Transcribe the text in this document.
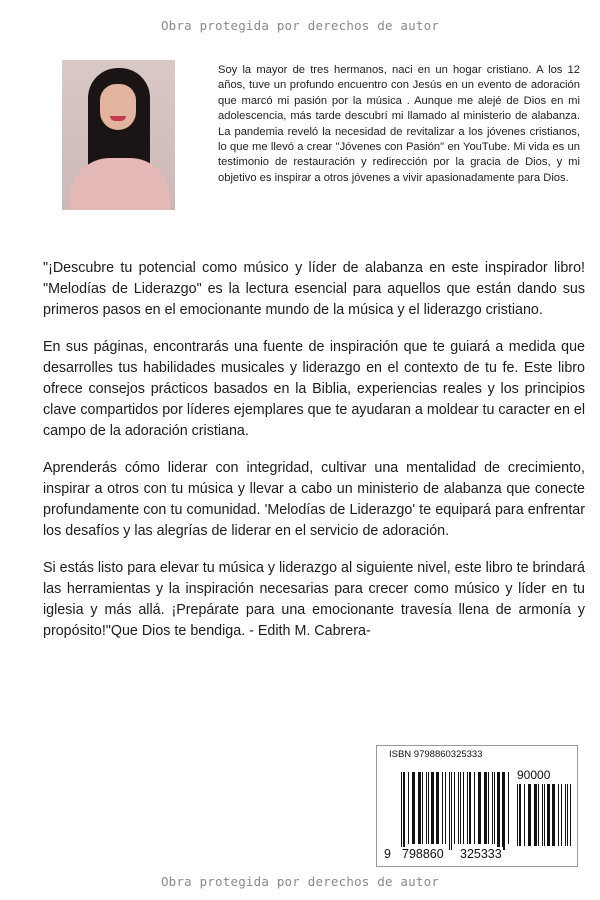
Obra protegida por derechos de autor

Soy la mayor de tres hermanos, naci en un hogar cristiano. A los 12 años, tuve un profundo encuentro con Jesús en un evento de adoración que marcó mi pasión por la música . Aunque me alejé de Dios en mi adolescencia, más tarde descubrí mi llamado al ministerio de alabanza. La pandemia reveló la necesidad de revitalizar a los jóvenes cristianos, lo que me llevó a crear "Jóvenes con Pasión" en YouTube. Mi vida es un testimonio de restauración y redirección por la gracia de Dios, y mi objetivo es inspirar a otros jóvenes a vivir apasionadamente para Dios.

"¡Descubre tu potencial como músico y líder de alabanza en este inspirador libro! "Melodías de Liderazgo" es la lectura esencial para aquellos que están dando sus primeros pasos en el emocionante mundo de la música y el liderazgo cristiano.

En sus páginas, encontrarás una fuente de inspiración que te guiará a medida que desarrolles tus habilidades musicales y liderazgo en el contexto de tu fe. Este libro ofrece consejos prácticos basados en la Biblia, experiencias reales y los principios clave compartidos por líderes ejemplares que te ayudaran a moldear tu caracter en el campo de la adoración cristiana.

Aprenderás cómo liderar con integridad, cultivar una mentalidad de crecimiento, inspirar a otros con tu música y llevar a cabo un ministerio de alabanza que conecte profundamente con tu comunidad. 'Melodías de Liderazgo' te equipará para enfrentar los desafíos y las alegrías de liderar en el servicio de adoración.

Si estás listo para elevar tu música y liderazgo al siguiente nivel, este libro te brindará las herramientas y la inspiración necesarias para crecer como músico y líder en tu iglesia y más allá. ¡Prepárate para una emocionante travesía llena de armonía y propósito!"Que Dios te bendiga. - Edith M. Cabrera-

ISBN 9798860325333
90000
9 798860 325333
Obra protegida por derechos de autor
